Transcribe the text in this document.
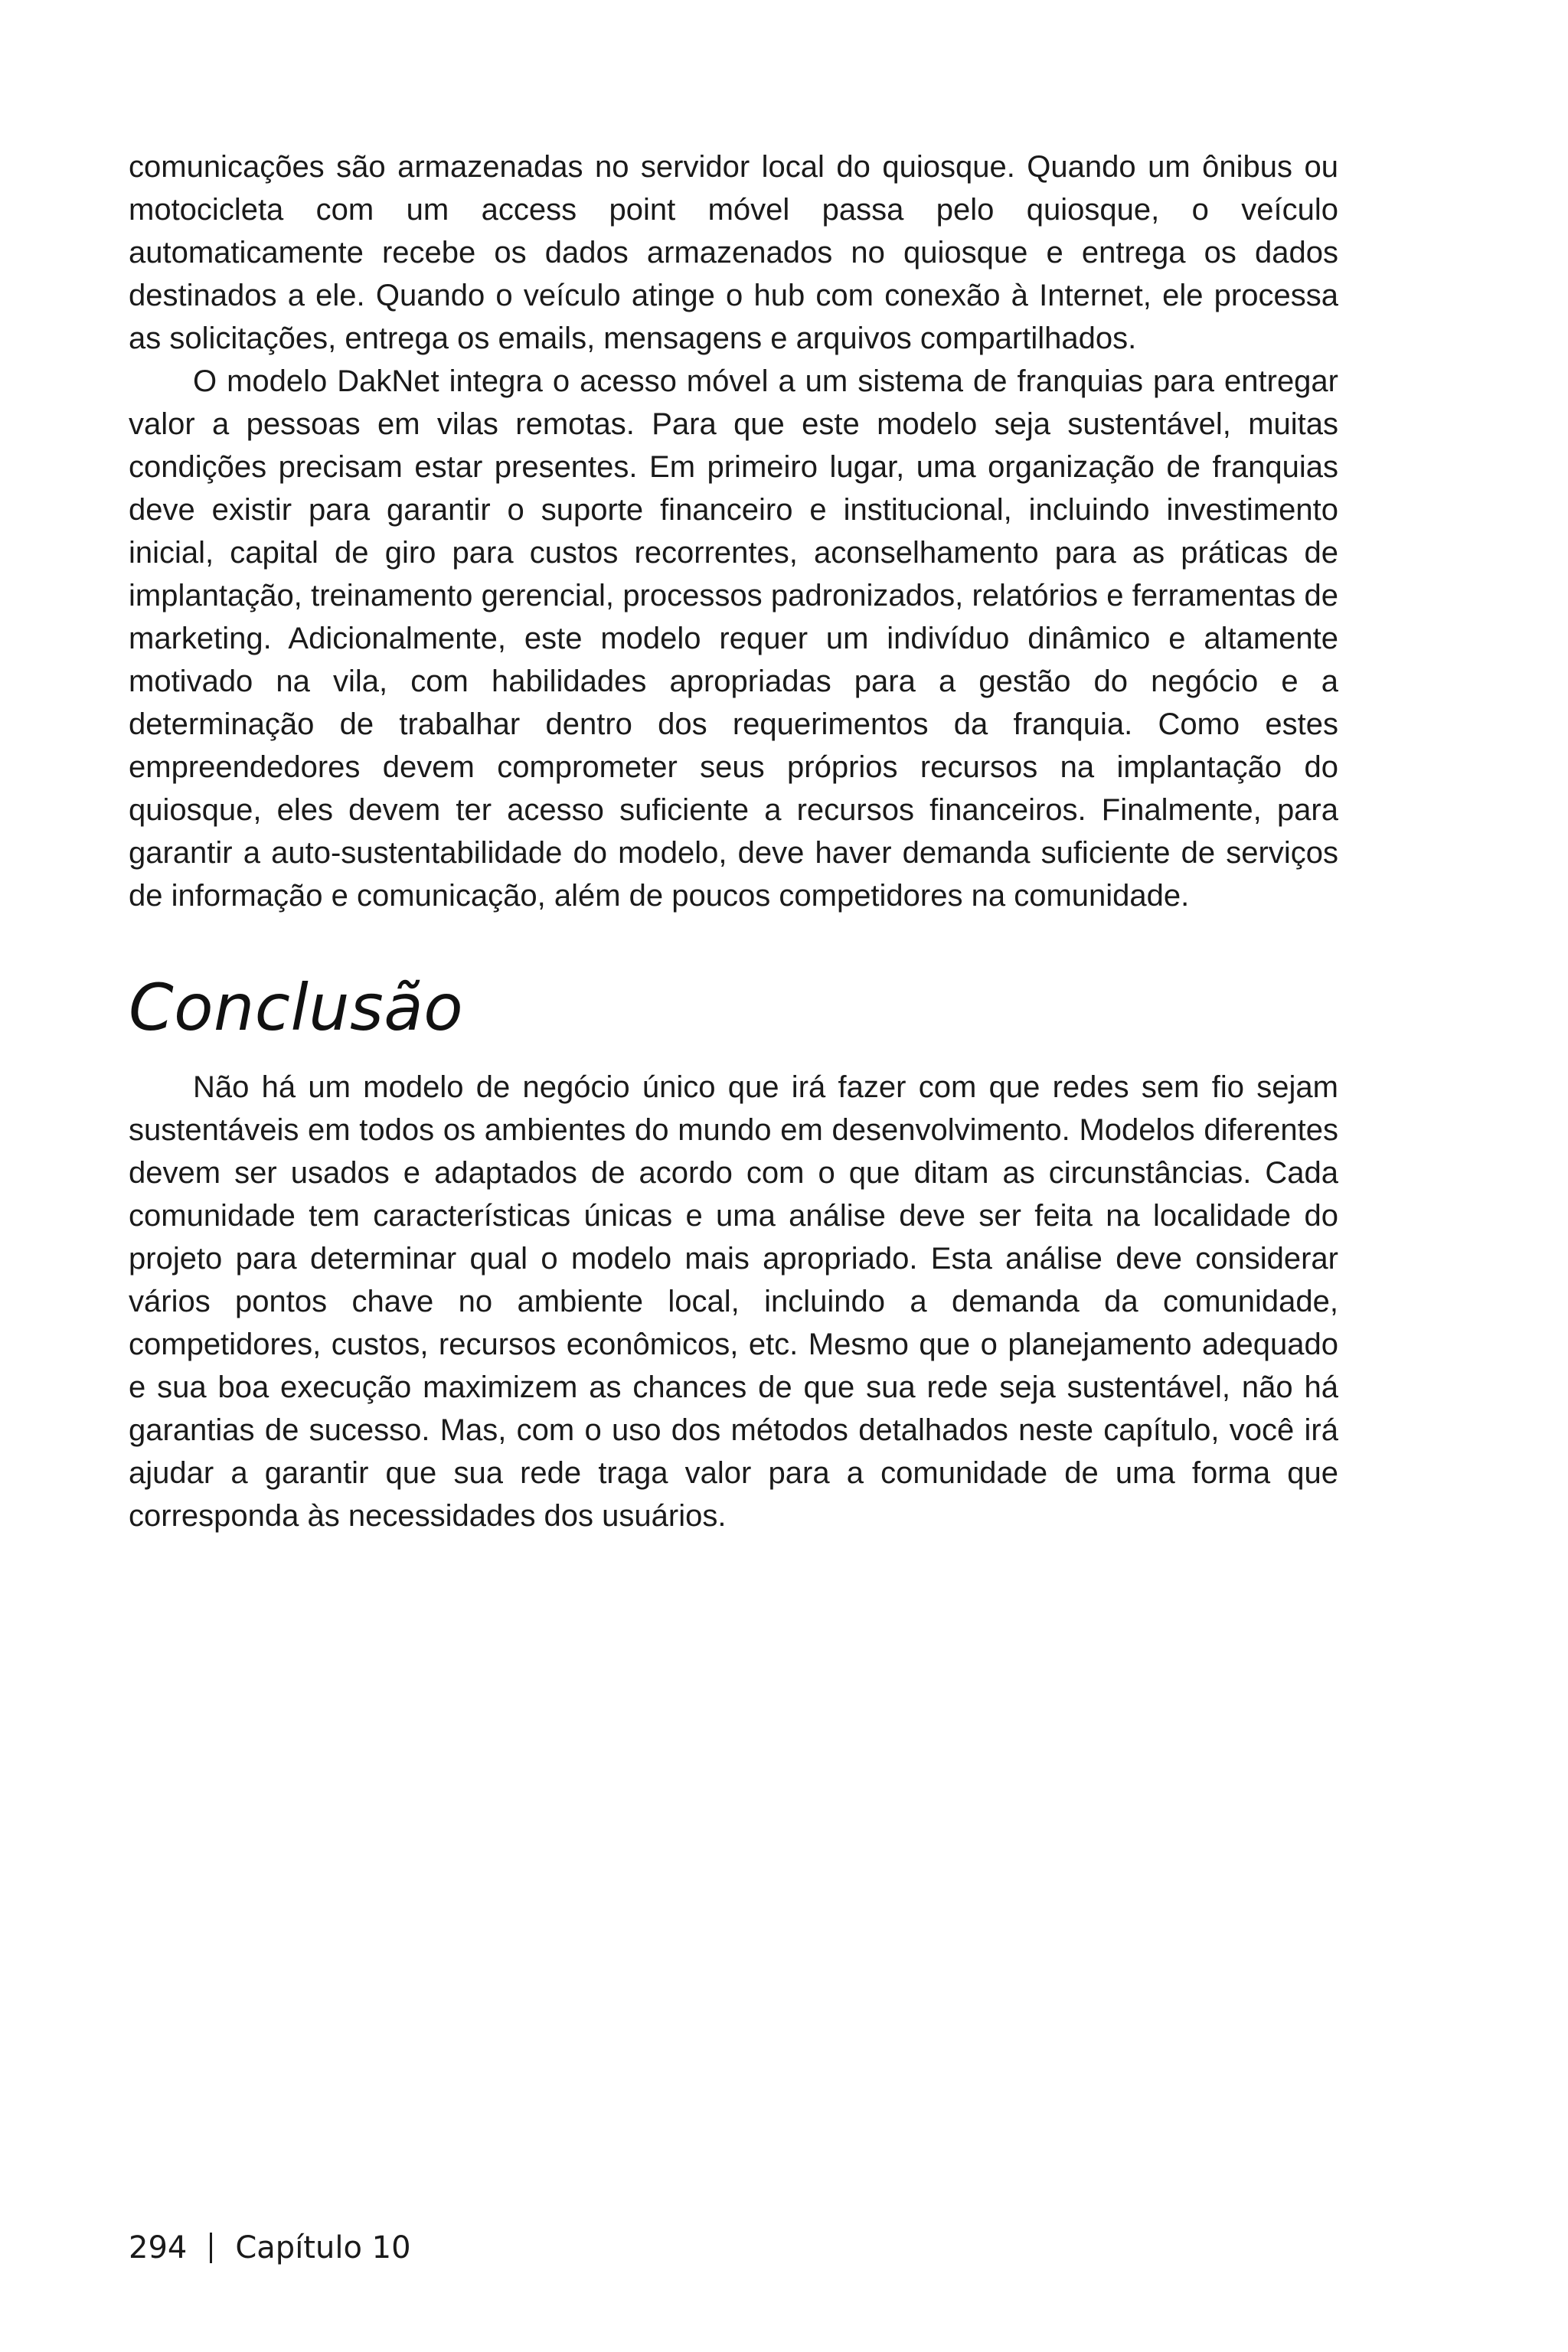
comunicações são armazenadas no servidor local do quiosque. Quando um ônibus ou motocicleta com um access point móvel passa pelo quiosque, o veículo automaticamente recebe os dados armazenados no quiosque e entrega os dados destinados a ele. Quando o veículo atinge o hub com conexão à Internet, ele processa as solicitações, entrega os emails, mensagens e arquivos compartilhados.

O modelo DakNet integra o acesso móvel a um sistema de franquias para entregar valor a pessoas em vilas remotas. Para que este modelo seja sustentável, muitas condições precisam estar presentes. Em primeiro lugar, uma organização de franquias deve existir para garantir o suporte financeiro e institucional, incluindo investimento inicial, capital de giro para custos recorrentes, aconselhamento para as práticas de implantação, treinamento gerencial, processos padronizados, relatórios e ferramentas de marketing. Adicionalmente, este modelo requer um indivíduo dinâmico e altamente motivado na vila, com habilidades apropriadas para a gestão do negócio e a determinação de trabalhar dentro dos requerimentos da franquia. Como estes empreendedores devem comprometer seus próprios recursos na implantação do quiosque, eles devem ter acesso suficiente a recursos financeiros. Finalmente, para garantir a auto-sustentabilidade do modelo, deve haver demanda suficiente de serviços de informação e comunicação, além de poucos competidores na comunidade.

Conclusão

Não há um modelo de negócio único que irá fazer com que redes sem fio sejam sustentáveis em todos os ambientes do mundo em desenvolvimento. Modelos diferentes devem ser usados e adaptados de acordo com o que ditam as circunstâncias. Cada comunidade tem características únicas e uma análise deve ser feita na localidade do projeto para determinar qual o modelo mais apropriado. Esta análise deve considerar vários pontos chave no ambiente local, incluindo a demanda da comunidade, competidores, custos, recursos econômicos, etc. Mesmo que o planejamento adequado e sua boa execução maximizem as chances de que sua rede seja sustentável, não há garantias de sucesso. Mas, com o uso dos métodos detalhados neste capítulo, você irá ajudar a garantir que sua rede traga valor para a comunidade de uma forma que corresponda às necessidades dos usuários.

294 Capítulo 10
